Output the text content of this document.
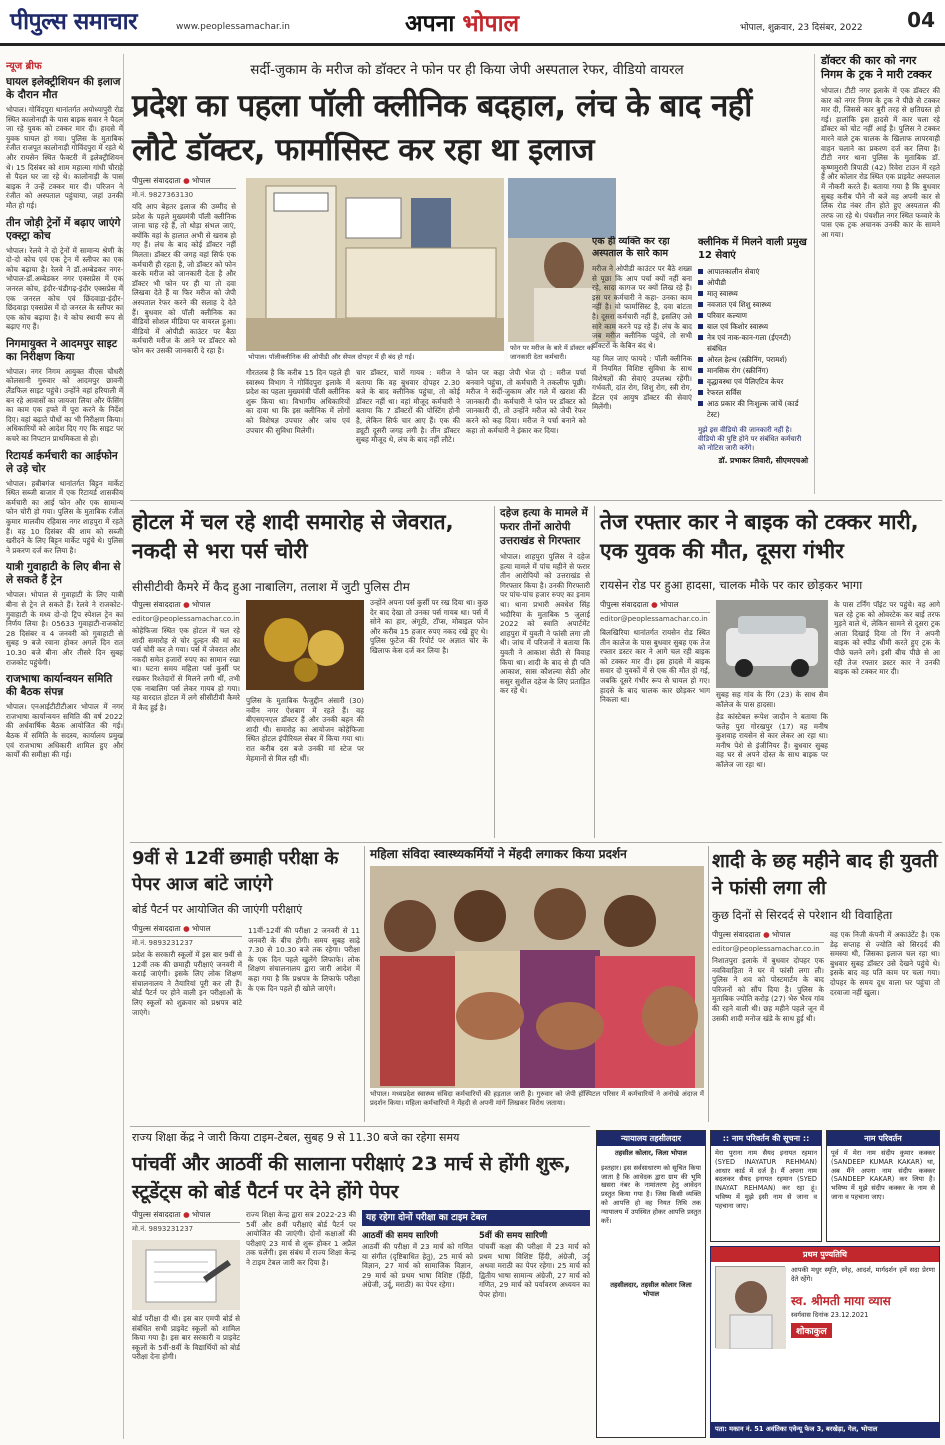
पीपुल्स समाचार	www.peoplessamachar.in	अपना भोपाल	भोपाल, शुक्रवार, 23 दिसंबर, 2022 04
न्यूज ब्रीफ
घायल इलेक्ट्रीशियन की इलाज के दौरान मौत

भोपाल। गोविंदपुरा थानांतर्गत अयोध्यापुरी रोड स्थित कालोनाड़ी के पास बाइक सवार ने पैदल जा रहे युवक को टक्कर मार दी। हादसे में युवक घायल हो गया। पुलिस के मुताबिक रंजीत राजपूत कालोनाड़ी गोविंदपुरा में रहते थे और रायसेन स्थित फैक्टरी में इलेक्ट्रीशियन थे। 15 दिसंबर को शाम महात्मा गांधी चौराहे से पैदल घर जा रहे थे। कालोनाड़ी के पास बाइक ने उन्हें टक्कर मार दी। परिजन ने रंजीत को अस्पताल पहुंचाया, जहां उनकी मौत हो गई।

तीन जोड़ी ट्रेनों में बढ़ाए जाएंगे एक्स्ट्रा कोच

भोपाल। रेलवे ने दो ट्रेनों में सामान्य श्रेणी के दो-दो कोच एवं एक ट्रेन में स्लीपर का एक कोच बढ़ाया है। रेलवे ने डॉ.अम्बेडकर नगर-भोपाल-डॉ.अम्बेडकर नगर एक्सप्रेस में एक जनरल कोच, इंदौर-चंडीगढ़-इंदौर एक्सप्रेस में एक जनरल कोच एवं छिंदवाड़ा-इंदौर-छिंदवाड़ा एक्सप्रेस में दो जनरल के स्लीपर का एक कोच बढ़ाया है। ये कोच स्थायी रूप से बढ़ाए गए हैं।

निगमायुक्त ने आदमपुर साइट का निरीक्षण किया

भोपाल। नगर निगम आयुक्त वीएस चौधरी कोलसानी गुरुवार को आदमपुर छावनी लैंडफिल साइट पहुंचे। उन्होंने वहां हरियाली में बन रहे आवासों का जायजा लिया और फेंसिंग का काम एक हफ्ते में पूरा करने के निर्देश दिए। वहां बढ़ाते पौधों का भी निरीक्षण किया। अधिकारियों को आदेश दिए गए कि साइट पर कचरे का निपटान प्राथमिकता से हो।

रिटायर्ड कर्मचारी का आईफोन ले उड़े चोर

भोपाल। हबीबगंज थानांतर्गत बिट्टन मार्केट स्थित सब्जी बाजार में एक रिटायर्ड शासकीय कर्मचारी का आई फोन और एक सामान्य फोन चोरी हो गया। पुलिस के मुताबिक रंजीत कुमार मालवीय रहिवास नगर शाहपुरा में रहते हैं। वह 10 दिसंबर की शाम को सब्जी खरीदने के लिए बिट्टन मार्केट पहुंचे थे। पुलिस ने प्रकरण दर्ज कर लिया है।

यात्री गुवाहाटी के लिए बीना से ले सकते हैं ट्रेन

भोपाल। भोपाल से गुवाहाटी के लिए यात्री बीना से ट्रेन ले सकते हैं। रेलवे ने राजकोट-गुवाहाटी के मध्य दो-दो ट्रिप स्पेशल ट्रेन का निर्णय लिया है। 05633 गुवाहाटी-राजकोट 28 दिसंबर व 4 जनवरी को गुवाहाटी से सुबह 9 बजे रवाना होकर अगले दिन रात 10.30 बजे बीना और तीसरे दिन सुबह राजकोट पहुंचेगी।

राजभाषा कार्यान्वयन समिति की बैठक संपन्न

भोपाल। एनआईटीटीटीआर भोपाल में नगर राजभाषा कार्यान्वयन समिति की वर्ष 2022 की अर्धवार्षिक बैठक आयोजित की गई। बैठक में समिति के सदस्य, कार्यालय प्रमुख एवं राजभाषा अधिकारी शामिल हुए और कार्यों की समीक्षा की गई।

सर्दी-जुकाम के मरीज को डॉक्टर ने फोन पर ही किया जेपी अस्पताल रेफर, वीडियो वायरल
प्रदेश का पहला पॉली क्लीनिक बदहाल, लंच के बाद नहीं लौटे डॉक्टर, फार्मासिस्ट कर रहा था इलाज
पीपुल्स संवाददाता ● भोपाल
मो.नं. 9827363130
भोपाल। पॉलीक्लीनिक की ओपीडी और सेंपल दोपहर में ही बंद हो गई।
फोन पर मरीज के बारे में डॉक्टर को जानकारी देता कर्मचारी।
यदि आप बेहतर इलाज की उम्मीद से प्रदेश के पहले मुख्यमंत्री पॉली क्लीनिक जाना चाह रहे हैं, तो थोड़ा संभल जाएं, क्योंकि वहां के हालात अभी से खराब हो गए हैं। लंच के बाद कोई डॉक्टर नहीं मिलता। डॉक्टर की जगह वहां सिर्फ एक कर्मचारी ही रहता है, जो डॉक्टर को फोन करके मरीज को जानकारी देता है और डॉक्टर भी फोन पर ही या तो दवा लिखवा देते हैं या फिर मरीज को जेपी अस्पताल रेफर करने की सलाह दे देते हैं। बुधवार को पॉली क्लीनिक का वीडियो सोशल मीडिया पर वायरल हुआ। वीडियो में ओपीडी काउंटर पर बैठा कर्मचारी मरीज के आने पर डॉक्टर को फोन कर उसकी जानकारी दे रहा है।
गौरतलब है कि करीब 15 दिन पहले ही स्वास्थ्य विभाग ने गोविंदपुरा इलाके में प्रदेश का पहला मुख्यमंत्री पॉली क्लीनिक शुरू किया था। विभागीय अधिकारियों का दावा था कि इस क्लीनिक में लोगों को विशेषज्ञ उपचार और जांच एवं उपचार की सुविधा मिलेगी।
चार डॉक्टर, चारों गायब : मरीज ने बताया कि वह बुधवार दोपहर 2.30 बजे के बाद क्लीनिक पहुंचा, तो कोई डॉक्टर नहीं था। वहां मौजूद कर्मचारी ने बताया कि 7 डॉक्टरों की पोस्टिंग होनी है, लेकिन सिर्फ चार आए हैं। एक की ड्यूटी दूसरी जगह लगी है। तीन डॉक्टर सुबह मौजूद थे, लंच के बाद नहीं लौटे।
फोन पर कहा जेपी भेज दो : मरीज पर्चा बनवाने पहुंचा, तो कर्मचारी ने तकलीफ पूछी। मरीज ने सर्दी-जुकाम और गले में खराश की जानकारी दी। कर्मचारी ने फोन पर डॉक्टर को जानकारी दी, तो उन्होंने मरीज को जेपी रेफर करने को कह दिया। मरीज ने पर्चा बनाने को कहा तो कर्मचारी ने इंकार कर दिया।
एक ही व्यक्ति कर रहा अस्पताल के सारे काम
मरीज ने ओपीडी काउंटर पर बैठे शख्स से पूछा कि आप पर्चा क्यों नहीं बना रहे, सादा कागज पर क्यों लिख रहे हैं। इस पर कर्मचारी ने कहा- उनका काम नहीं है। वो फार्मासिस्ट है, दवा बांटता है। दूसरा कर्मचारी नहीं है, इसलिए उसे सारे काम करने पड़ रहे हैं। लंच के बाद जब मरीज क्लीनिक पहुंचे, तो सभी डॉक्टरों के केबिन बंद थे।
यह मिल जाए फायदे : पॉली क्लीनिक में नियमित विशिष्ट सुविधा के साथ विशेषज्ञों की सेवाएं उपलब्ध रहेंगी। गर्भवती, दांत रोग, शिशु रोग, स्त्री रोग, डेंटल एवं आयुष डॉक्टर की सेवाएं मिलेंगी।
क्लीनिक में मिलने वाली प्रमुख 12 सेवाएं
आपातकालीन सेवाएं
ओपीडी
मातृ स्वास्थ्य
नवजात एवं शिशु स्वास्थ्य
परिवार कल्याण
बाल एवं किशोर स्वास्थ्य
नेत्र एवं नाक-कान-गला (ईएनटी) संबंधित
ओरल हेल्थ (स्क्रीनिंग, परामर्श)
मानसिक रोग (स्क्रीनिंग)
वृद्धावस्था एवं पैलिएटिव केयर
रेफरल सर्विस
आठ प्रकार की निःशुल्क जांचें (कार्ड टेस्ट)
मुझे इस वीडियो की जानकारी नहीं है। वीडियो की पुष्टि होने पर संबंधित कर्मचारी को नोटिस जारी करेंगे।
डॉ. प्रभाकर तिवारी, सीएमएचओ
डॉक्टर की कार को नगर निगम के ट्रक ने मारी टक्कर
भोपाल। टीटी नगर इलाके में एक डॉक्टर की कार को नगर निगम के ट्रक ने पीछे से टक्कर मार दी, जिससे कार बुरी तरह से क्षतिग्रस्त हो गई। हालांकि इस हादसे में कार चला रहे डॉक्टर को चोट नहीं आई है। पुलिस ने टक्कर मारने वाले ट्रक चालक के खिलाफ लापरवाही वाहन चलाने का प्रकरण दर्ज कर लिया है। टीटी नगर थाना पुलिस के मुताबिक डॉ. कृष्णमुरारी त्रिपाठी (42) रिवेरा टाउन में रहते हैं और कोलार रोड स्थित एक प्राइवेट अस्पताल में नौकरी करते हैं। बताया गया है कि बुधवार सुबह करीब पौने नौ बजे वह अपनी कार से लिंक रोड नंबर तीन होते हुए अस्पताल की तरफ जा रहे थे। पंचशील नगर स्थित फव्वारे के पास एक ट्रक अचानक उनकी कार के सामने आ गया।
होटल में चल रहे शादी समारोह से जेवरात, नकदी से भरा पर्स चोरी
सीसीटीवी कैमरे में कैद हुआ नाबालिग, तलाश में जुटी पुलिस टीम
पीपुल्स संवाददाता ● भोपाल
editor@peoplessamachar.co.in
कोहेफिजा स्थित एक होटल में चल रहे शादी समारोह से चोर दुल्हन की मां का पर्स चोरी कर ले गया। पर्स में जेवरात और नकदी समेत हजारों रुपए का सामान रखा था। घटना समय महिला पर्स कुर्सी पर रखकर रिश्तेदारों से मिलने लगी थीं, तभी एक नाबालिग पर्स लेकर गायब हो गया। यह वारदात होटल में लगे सीसीटीवी कैमरे में कैद हुई है।
पुलिस के मुताबिक फैजुद्दीन अंसारी (30) नवीन नगर ऐशबाग में रहते हैं। वह बीएसएनएल डॉक्टर हैं और उनकी बहन की शादी थी। समारोह का आयोजन कोहेफिजा स्थित होटल इंपीरियल सेबर में किया गया था। रात करीब दस बजे उनकी मां स्टेज पर मेहमानों से मिल रही थीं।
उन्होंने अपना पर्स कुर्सी पर रख दिया था। कुछ देर बाद देखा तो उनका पर्स गायब था। पर्स में सोने का हार, अंगूठी, टॉप्स, मोबाइल फोन और करीब 15 हजार रुपए नकद रखे हुए थे। पुलिस फुटेज की रिपोर्ट पर अज्ञात चोर के खिलाफ केस दर्ज कर लिया है।
दहेज हत्या के मामले में फरार तीनों आरोपी उत्तराखंड से गिरफ्तार
भोपाल। शाहपुरा पुलिस ने दहेज हत्या मामले में पांच महीने से फरार तीन आरोपियों को उत्तराखंड से गिरफ्तार किया है। उनकी गिरफ्तारी पर पांच-पांच हजार रुपए का इनाम था। थाना प्रभारी अवधेश सिंह भदौरिया के मुताबिक 5 जुलाई 2022 को स्वाति अपार्टमेंट शाहपुरा में युवती ने फांसी लगा ली थी। जांच में परिजनों ने बताया कि युवती ने आकाश सेठी से विवाह किया था। शादी के बाद से ही पति आकाश, सास कौशल्या सेठी और ससुर सुशील दहेज के लिए प्रताड़ित कर रहे थे।
तेज रफ्तार कार ने बाइक को टक्कर मारी, एक युवक की मौत, दूसरा गंभीर
रायसेन रोड पर हुआ हादसा, चालक मौके पर कार छोड़कर भागा
पीपुल्स संवाददाता ● भोपाल
editor@peoplessamachar.co.in
बिलखिरिया थानांतर्गत रायसेन रोड स्थित तीन कालेज के पास बुधवार सुबह एक तेज रफ्तार डस्टर कार ने आगे चल रही बाइक को टक्कर मार दी। इस हादसे में बाइक सवार दो युवकों में से एक की मौत हो गई, जबकि दूसरे गंभीर रूप से घायल हो गए। हादसे के बाद चालक कार छोड़कर भाग निकला था।
सुबह सह गांव के रिंग (23) के साथ सैम कॉलेज के पास हादसा।
हेड कांस्टेबल रूपेश जादौन ने बताया कि फतेह पुरा गोरखपुर (17) वह मनीष कुशवाह रायसेन से कार लेकर आ रहा था। मनीष पेशे से इंजीनियर हैं। बुधवार सुबह वह घर से अपने दोस्त के साथ बाइक पर कॉलेज जा रहा था।
के पास टर्निंग पॉइंट पर पहुंचे। वह आगे चल रहे ट्रक को ओवरटेक कर बाई तरफ मुड़ने वाले थे, लेकिन सामने से दूसरा ट्रक आता दिखाई दिया तो रिंग ने अपनी बाइक को स्पीड धीमी करते हुए ट्रक के पीछे चलने लगे। इसी बीच पीछे से आ रही तेज रफ्तार डस्टर कार ने उनकी बाइक को टक्कर मार दी।
9वीं से 12वीं छमाही परीक्षा के पेपर आज बांटे जाएंगे
बोर्ड पैटर्न पर आयोजित की जाएंगी परीक्षाएं
पीपुल्स संवाददाता ● भोपाल
मो.नं. 9893231237
प्रदेश के सरकारी स्कूलों में इस बार 9वीं से 12वीं तक की छमाही परीक्षाएं जनवरी में कराई जाएंगी। इसके लिए लोक शिक्षण संचालनालय ने तैयारियां पूरी कर ली हैं। बोर्ड पैटर्न पर होने वाली इन परीक्षाओं के लिए स्कूलों को शुक्रवार को प्रश्नपत्र बांटे जाएंगे।
11वीं-12वीं की परीक्षा 2 जनवरी से 11 जनवरी के बीच होगी। समय सुबह साढ़े 7.30 से 10.30 बजे तक रहेगा। परीक्षा के एक दिन पहले खुलेंगे लिफाफे। लोक शिक्षण संचालनालय द्वारा जारी आदेश में कहा गया है कि प्रश्नपत्र के लिफाफे परीक्षा के एक दिन पहले ही खोले जाएंगे।
महिला संविदा स्वास्थ्यकर्मियों ने मेंहदी लगाकर किया प्रदर्शन
भोपाल। मध्यप्रदेश स्वास्थ्य संविदा कर्मचारियों की हड़ताल जारी है। गुरुवार को जेपी हॉस्पिटल परिसर में कर्मचारियों ने अनोखे अंदाज में प्रदर्शन किया। महिला कर्मचारियों ने मेंहदी से अपनी मांगें लिखकर विरोध जताया।
शादी के छह महीने बाद ही युवती ने फांसी लगा ली
कुछ दिनों से सिरदर्द से परेशान थी विवाहिता
पीपुल्स संवाददाता ● भोपाल
editor@peoplessamachar.co.in
निशातपुरा इलाके में बुधवार दोपहर एक नवविवाहिता ने घर में फांसी लगा ली। पुलिस ने शव को पोस्टमार्टम के बाद परिजनों को सौंप दिया है। पुलिस के मुताबिक ज्योति करोड़ (27) भेरु भैरव गांव की रहने वाली थी। छह महीने पहले जून में उसकी शादी मनोज खंडे के साथ हुई थी।
वह एक निजी कंपनी में अकाउंटेंट है। एक डेढ़ सप्ताह से ज्योति को सिरदर्द की समस्या थी, जिसका इलाज चल रहा था। बुधवार सुबह डॉक्टर उसे देखने पहुंचे थे। इसके बाद वह पति काम पर चला गया। दोपहर के समय दूध वाला घर पहुंचा तो दरवाजा नहीं खुला।
राज्य शिक्षा केंद्र ने जारी किया टाइम-टेबल, सुबह 9 से 11.30 बजे का रहेगा समय
पांचवीं और आठवीं की सालाना परीक्षाएं 23 मार्च से होंगी शुरू, स्टूडेंट्स को बोर्ड पैटर्न पर देने होंगे पेपर
पीपुल्स संवाददाता ● भोपाल
मो.नं. 9893231237
राज्य शिक्षा केन्द्र द्वारा सत्र 2022-23 की 5वीं और 8वीं परीक्षाएं बोर्ड पैटर्न पर आयोजित की जाएंगी। दोनों कक्षाओं की परीक्षाएं 23 मार्च से शुरू होकर 1 अप्रैल तक चलेंगी। इस संबंध में राज्य शिक्षा केन्द्र ने टाइम टेबल जारी कर दिया है।
बोर्ड परीक्षा दी थी। इस बार एमपी बोर्ड से संबंधित सभी प्राइवेट स्कूलों को शामिल किया गया है। इस बार सरकारी व प्राइवेट स्कूलों के 5वीं-8वीं के विद्यार्थियों को बोर्ड परीक्षा देना होगी।
यह रहेगा दोनों परीक्षा का टाइम टेबल
आठवीं की समय सारिणी
आठवीं की परीक्षा में 23 मार्च को गणित या संगीत (दृष्टिबाधित हेतु), 25 मार्च को विज्ञान, 27 मार्च को सामाजिक विज्ञान, 29 मार्च को प्रथम भाषा विशिष्ट (हिंदी, अंग्रेजी, उर्दू, मराठी) का पेपर रहेगा।
5वीं की समय सारिणी
पांचवीं कक्षा की परीक्षा में 23 मार्च को प्रथम भाषा विशिष्ट हिंदी, अंग्रेजी, उर्दू अथवा मराठी का पेपर रहेगा। 25 मार्च को द्वितीय भाषा सामान्य अंग्रेजी, 27 मार्च को गणित, 29 मार्च को पर्यावरण अध्ययन का पेपर होगा।
न्यायालय तहसीलदार
तहसील कोलार, जिला भोपाल
इश्तहार। इस सर्वसाधारण को सूचित किया जाता है कि आवेदक द्वारा ग्राम की भूमि खसरा नंबर के नामांतरण हेतु आवेदन प्रस्तुत किया गया है। जिस किसी व्यक्ति को आपत्ति हो वह नियत तिथि तक न्यायालय में उपस्थित होकर आपत्ति प्रस्तुत करें।
तहसीलदार, तहसील कोलार जिला भोपाल
:: नाम परिवर्तन की सूचना ::
मेरा पुराना नाम सैयद इनायत रहमान (SYED INAYATUR REHMAN) आधार कार्ड में दर्ज है। मैं अपना नाम बदलकर सैयद इनायत रहमान (SYED INAYAT REHMAN) कर रहा हूं। भविष्य में मुझे इसी नाम से जाना व पहचाना जाए।
नाम परिवर्तन
पूर्व में मेरा नाम संदीप कुमार कक्कर (SANDEEP KUMAR KAKAR) था, अब मैंने अपना नाम संदीप कक्कर (SANDEEP KAKAR) कर लिया है। भविष्य में मुझे संदीप कक्कर के नाम से जाना व पहचाना जाए।
प्रथम पुण्यतिथि
आपकी मधुर स्मृति, स्नेह, आदर्श, मार्गदर्शन हमें सदा प्रेरणा देते रहेंगे।
स्व. श्रीमती माया व्यास
स्वर्गवास दिनांक 23.12.2021
शोकाकुल
पता: मकान नं. 51 अवंतिका एवेन्यू फेज 3, बरखेड़ा, गेल, भोपाल
